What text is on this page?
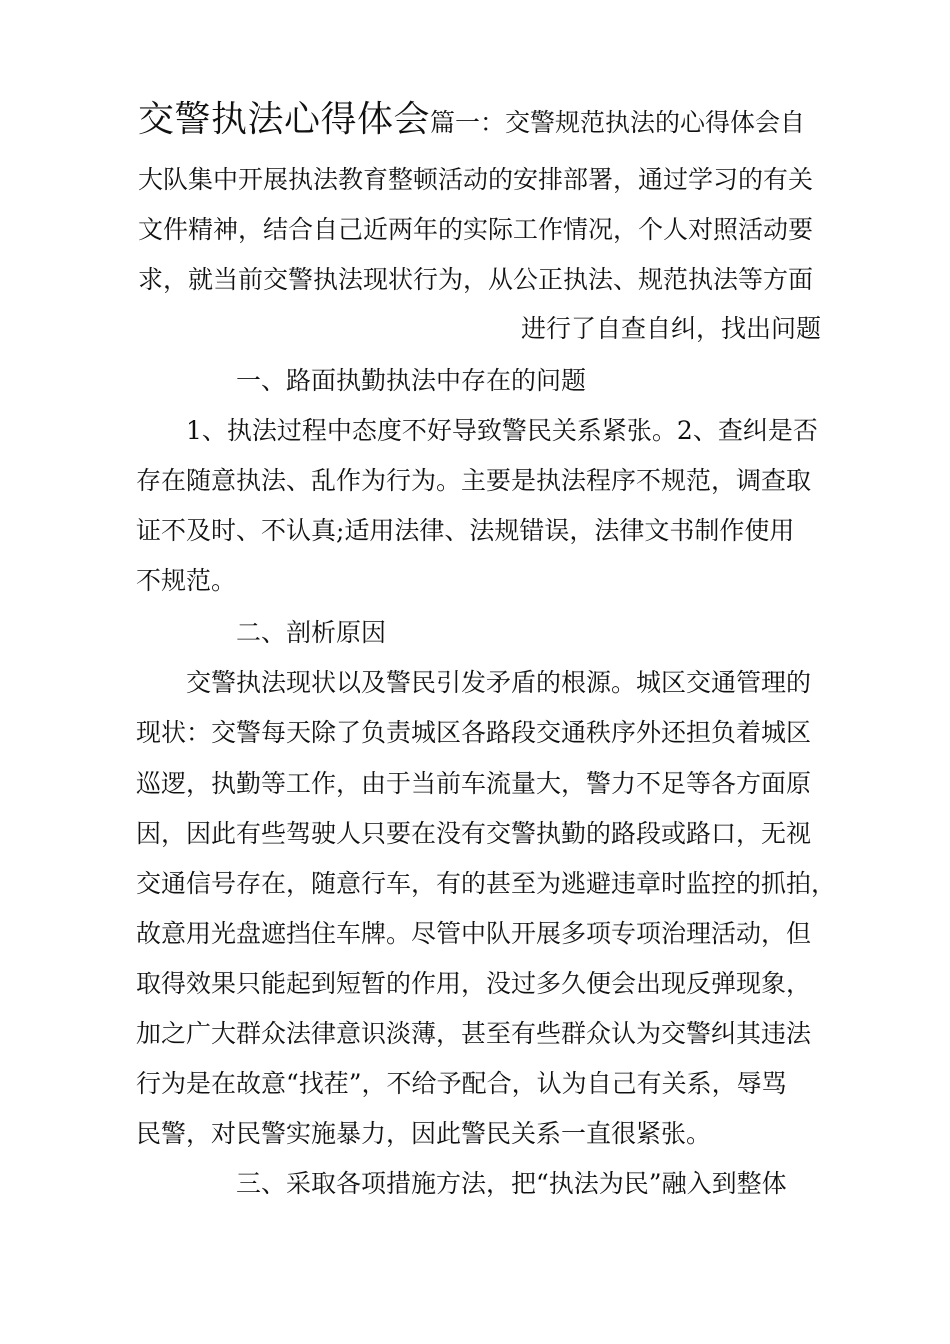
交警执法心得体会篇一：交警规范执法的心得体会自
大队集中开展执法教育整顿活动的安排部署，通过学习的有关
文件精神，结合自己近两年的实际工作情况，个人对照活动要
求，就当前交警执法现状行为，从公正执法、规范执法等方面
进行了自查自纠，找出问题
一、路面执勤执法中存在的问题
1、执法过程中态度不好导致警民关系紧张。2、查纠是否
存在随意执法、乱作为行为。主要是执法程序不规范，调查取
证不及时、不认真;适用法律、法规错误，法律文书制作使用
不规范。
二、剖析原因
交警执法现状以及警民引发矛盾的根源。城区交通管理的
现状：交警每天除了负责城区各路段交通秩序外还担负着城区
巡逻，执勤等工作，由于当前车流量大，警力不足等各方面原
因，因此有些驾驶人只要在没有交警执勤的路段或路口，无视
交通信号存在，随意行车，有的甚至为逃避违章时监控的抓拍，
故意用光盘遮挡住车牌。尽管中队开展多项专项治理活动，但
取得效果只能起到短暂的作用，没过多久便会出现反弹现象，
加之广大群众法律意识淡薄，甚至有些群众认为交警纠其违法
行为是在故意“找茬”，不给予配合，认为自己有关系，辱骂
民警，对民警实施暴力，因此警民关系一直很紧张。
三、采取各项措施方法，把“执法为民”融入到整体
